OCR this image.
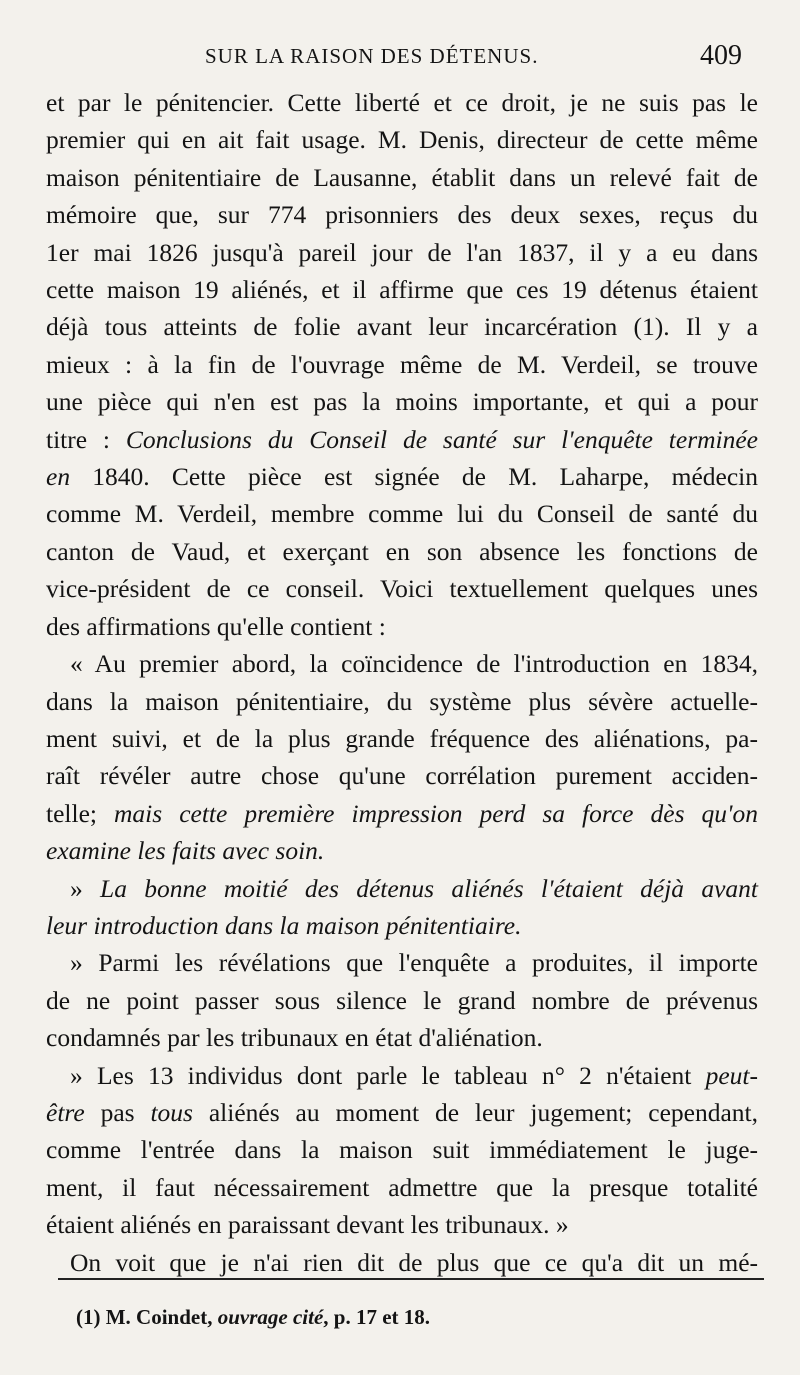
SUR LA RAISON DES DÉTENUS.	409
et par le pénitencier. Cette liberté et ce droit, je ne suis pas le
premier qui en ait fait usage. M. Denis, directeur de cette même
maison pénitentiaire de Lausanne, établit dans un relevé fait de
mémoire que, sur 774 prisonniers des deux sexes, reçus du
1er mai 1826 jusqu'à pareil jour de l'an 1837, il y a eu dans
cette maison 19 aliénés, et il affirme que ces 19 détenus étaient
déjà tous atteints de folie avant leur incarcération (1). Il y a
mieux : à la fin de l'ouvrage même de M. Verdeil, se trouve
une pièce qui n'en est pas la moins importante, et qui a pour
titre : Conclusions du Conseil de santé sur l'enquête terminée
en 1840. Cette pièce est signée de M. Laharpe, médecin
comme M. Verdeil, membre comme lui du Conseil de santé du
canton de Vaud, et exerçant en son absence les fonctions de
vice-président de ce conseil. Voici textuellement quelques unes
des affirmations qu'elle contient :
« Au premier abord, la coïncidence de l'introduction en 1834,
dans la maison pénitentiaire, du système plus sévère actuelle-
ment suivi, et de la plus grande fréquence des aliénations, pa-
raît révéler autre chose qu'une corrélation purement acciden-
telle; mais cette première impression perd sa force dès qu'on
examine les faits avec soin.
» La bonne moitié des détenus aliénés l'étaient déjà avant
leur introduction dans la maison pénitentiaire.
» Parmi les révélations que l'enquête a produites, il importe
de ne point passer sous silence le grand nombre de prévenus
condamnés par les tribunaux en état d'aliénation.
» Les 13 individus dont parle le tableau n° 2 n'étaient peut-
être pas tous aliénés au moment de leur jugement; cependant,
comme l'entrée dans la maison suit immédiatement le juge-
ment, il faut nécessairement admettre que la presque totalité
étaient aliénés en paraissant devant les tribunaux. »
On voit que je n'ai rien dit de plus que ce qu'a dit un mé-
(1) M. Coindet, ouvrage cité, p. 17 et 18.
